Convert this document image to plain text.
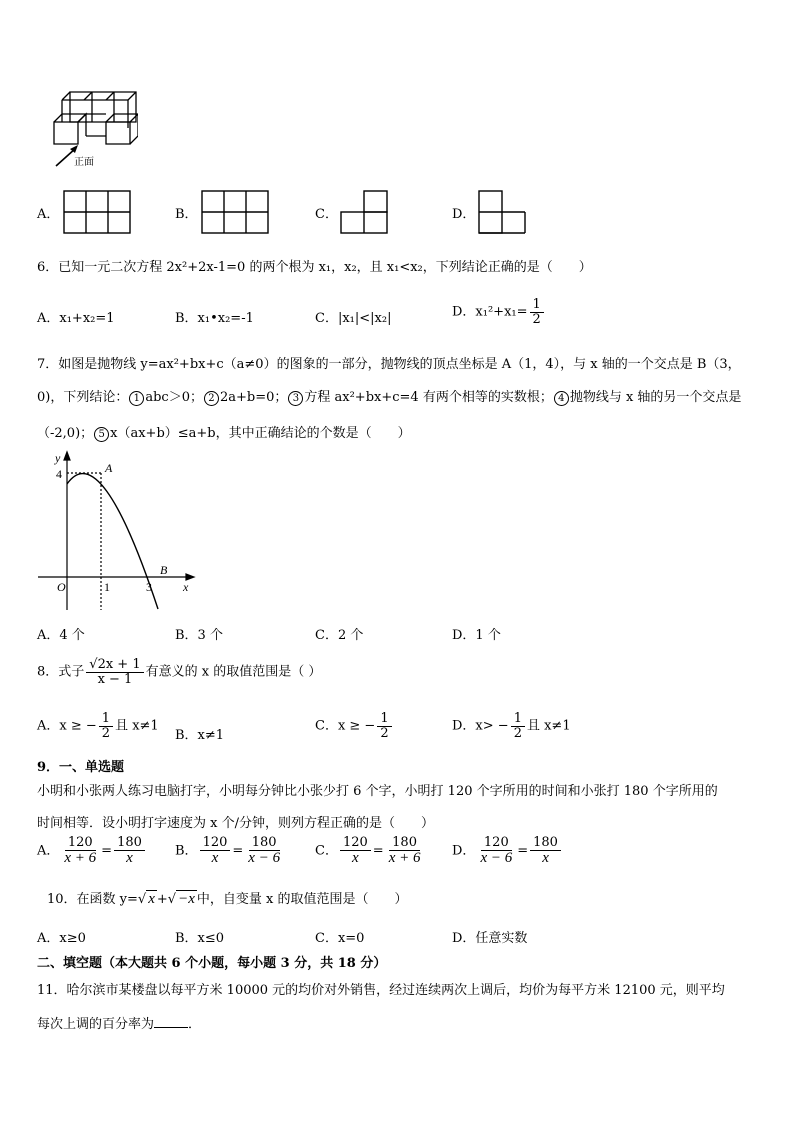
正面
A．	B．	C．	D．
6．已知一元二次方程 2x²+2x-1=0 的两个根为 x₁，x₂，且 x₁<x₂，下列结论正确的是（　　）
A．x₁+x₂=1	B．x₁•x₂=-1	C．|x₁|<|x₂|	D．$x_1^2+x_1= \frac{1}{2}$
7．如图是抛物线 y=ax²+bx+c（a≠0）的图象的一部分，抛物线的顶点坐标是 A（1，4），与 x 轴的一个交点是 B（3，
0)，下列结论： 1 abc＞0； 2 2a+b=0； 3 方程 ax²+bx+c=4 有两个相等的实数根； 4 抛物线与 x 轴的另一个交点是
（-2,0)； 5 x（ax+b）≤a+b，其中正确结论的个数是（　　）
y
x
O
A
B
1	3
4
A．4 个	B．3 个	C．2 个	D．1 个
8．式子 $\frac{√2x + 1}{x - 1}$ 有意义的 x 的取值范围是（ ）
A．x ≥ − $\frac{1}{2}$ 且 x≠1
B．x≠1
C．x ≥ − $\frac{1}{2}$	D．$x> - \frac{1}{2}$ 且 x≠1
9．一、单选题
小明和小张两人练习电脑打字，小明每分钟比小张少打 6 个字，小明打 120 个字所用的时间和小张打 180 个字所用的
时间相等．设小明打字速度为 x 个/分钟，则列方程正确的是（　　）
A． $\frac{120}{x + 6} = \frac{180}{x}$ B． $\frac{120}{x} = \frac{180}{x - 6}$ C． $\frac{120}{x} = \frac{180}{x + 6}$ D． $\frac{120}{x - 6} = \frac{180}{x}$
10．在函数 y=√ x +√ −x 中，自变量 x 的取值范围是（　　）
A．x≥0	B．x≤0	C．x=0	D．任意实数
二、填空题（本大题共 6 个小题，每小题 3 分，共 18 分）
11．哈尔滨市某楼盘以每平方米 10000 元的均价对外销售，经过连续两次上调后，均价为每平方米 12100 元，则平均
每次上调的百分率为	．
